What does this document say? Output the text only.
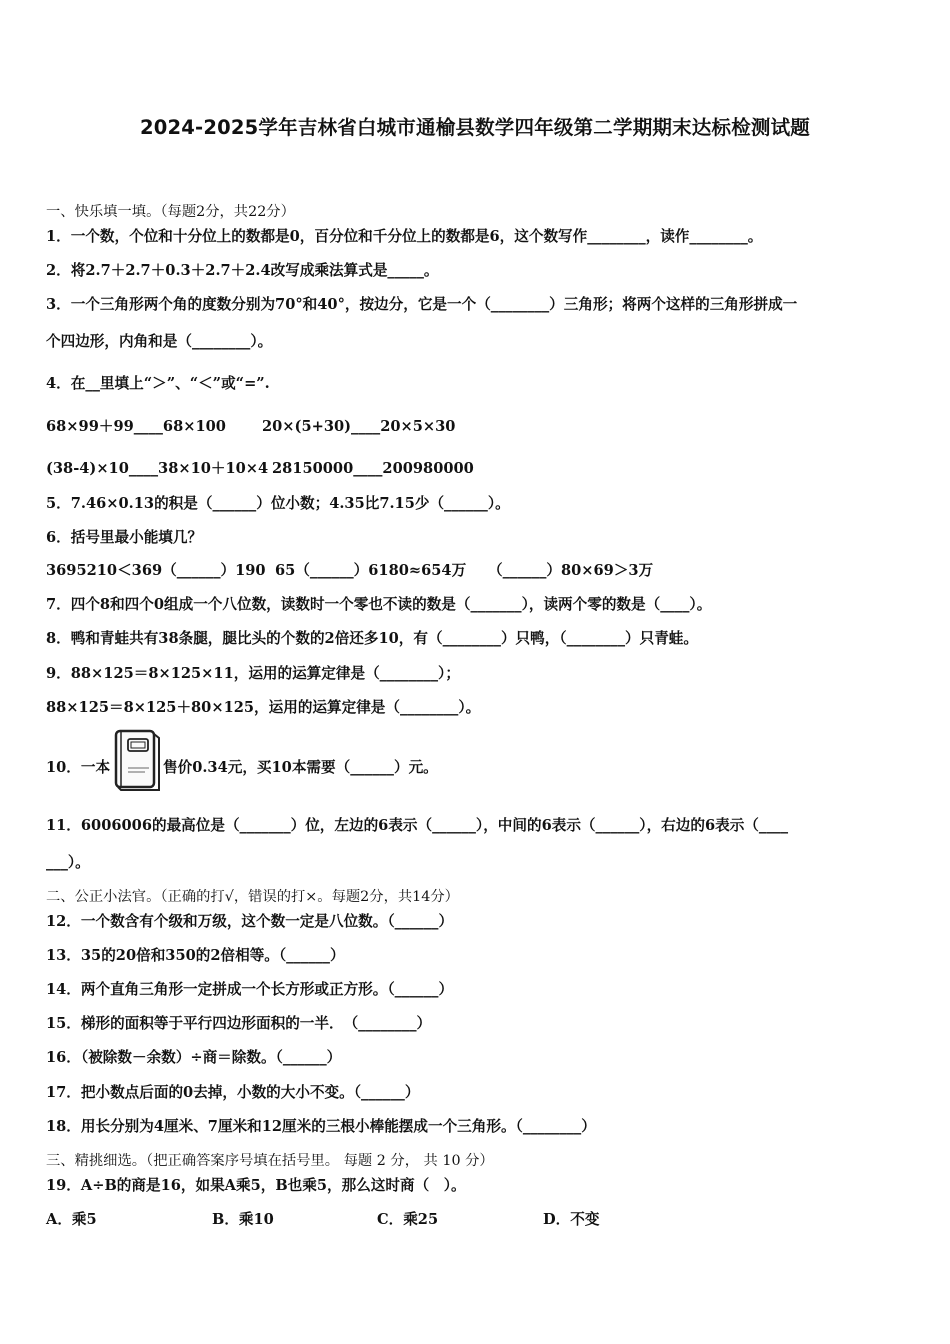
2024-2025学年吉林省白城市通榆县数学四年级第二学期期末达标检测试题
一、快乐填一填。（每题2分，共22分）
1．一个数，个位和十分位上的数都是0，百分位和千分位上的数都是6，这个数写作________，读作________。
2．将2.7＋2.7＋0.3＋2.7＋2.4改写成乘法算式是_____。
3．一个三角形两个角的度数分别为70°和40°，按边分，它是一个（________）三角形；将两个这样的三角形拼成一
个四边形，内角和是（________）。
4．在__里填上“＞”、“＜”或“=”.
68×99＋99____68×100 20×(5+30)____20×5×30
(38-4)×10____38×10＋10×4 28150000____200980000
5．7.46×0.13的积是（______）位小数；4.35比7.15少（______）。
6．括号里最小能填几？
3695210＜369（______）190 65（______）6180≈654万 （______）80×69＞3万
7．四个8和四个0组成一个八位数，读数时一个零也不读的数是（_______），读两个零的数是（____）。
8．鸭和青蛙共有38条腿，腿比头的个数的2倍还多10，有（________）只鸭，（________）只青蛙。
9．88×125＝8×125×11，运用的运算定律是（________）；
88×125＝8×125＋80×125，运用的运算定律是（________）。
10．一本	售价0.34元，买10本需要（______）元。
11．6006006的最高位是（_______）位，左边的6表示（______），中间的6表示（______），右边的6表示（____
___）。
二、公正小法官。（正确的打√，错误的打×。每题2分，共14分）
12．一个数含有个级和万级，这个数一定是八位数。（______）
13．35的20倍和350的2倍相等。（______）
14．两个直角三角形一定拼成一个长方形或正方形。（______）
15．梯形的面积等于平行四边形面积的一半．　（________）
16．（被除数－余数）÷商＝除数。（______）
17．把小数点后面的0去掉，小数的大小不变。（______）
18．用长分别为4厘米、7厘米和12厘米的三根小棒能摆成一个三角形。（________）
三、精挑细选。（把正确答案序号填在括号里。 每题 2 分， 共 10 分）
19．A÷B的商是16，如果A乘5，B也乘5，那么这时商（　）。
A．乘5	B．乘10	C．乘25	D．不变
